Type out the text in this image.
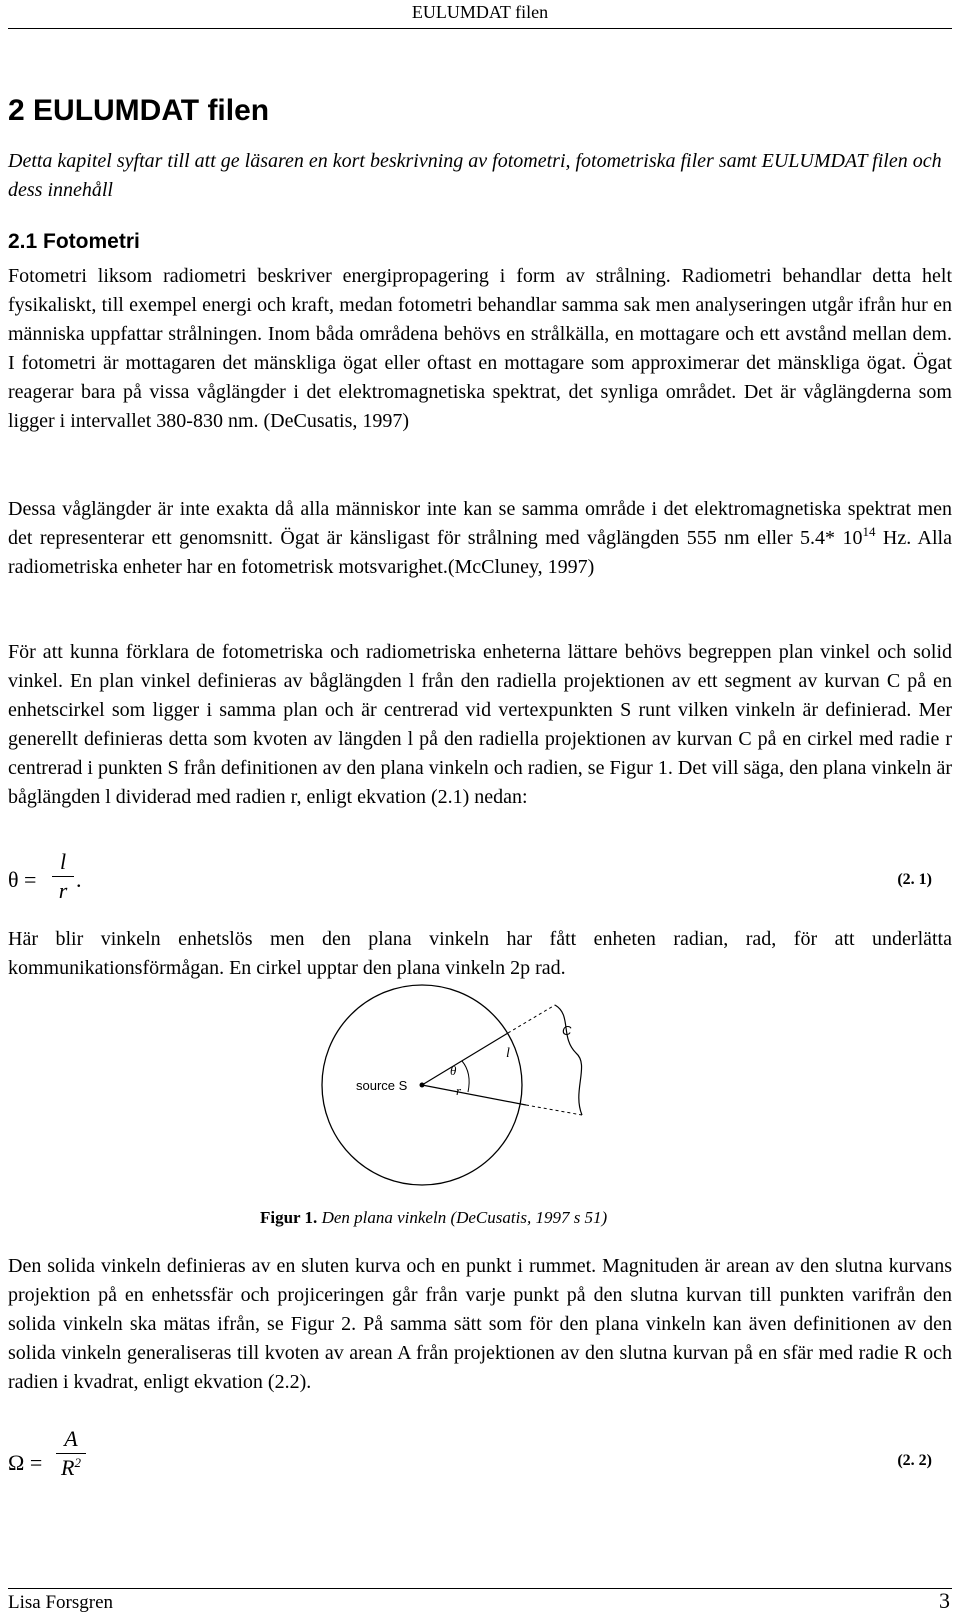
EULUMDAT filen
2 EULUMDAT filen

Detta kapitel syftar till att ge läsaren en kort beskrivning av fotometri, fotometriska filer samt EULUMDAT filen och dess innehåll

2.1 Fotometri

Fotometri liksom radiometri beskriver energipropagering i form av strålning. Radiometri behandlar detta helt fysikaliskt, till exempel energi och kraft, medan fotometri behandlar samma sak men analyseringen utgår ifrån hur en människa uppfattar strålningen. Inom båda områdena behövs en strålkälla, en mottagare och ett avstånd mellan dem. I fotometri är mottagaren det mänskliga ögat eller oftast en mottagare som approximerar det mänskliga ögat. Ögat reagerar bara på vissa våglängder i det elektromagnetiska spektrat, det synliga området. Det är våglängderna som ligger i intervallet 380-830 nm. (DeCusatis, 1997)

Dessa våglängder är inte exakta då alla människor inte kan se samma område i det elektromagnetiska spektrat men det representerar ett genomsnitt. Ögat är känsligast för strålning med våglängden 555 nm eller 5.4* $10^{14}$ Hz. Alla radiometriska enheter har en fotometrisk motsvarighet.(McCluney, 1997)

För att kunna förklara de fotometriska och radiometriska enheterna lättare behövs begreppen plan vinkel och solid vinkel. En plan vinkel definieras av båglängden l från den radiella projektionen av ett segment av kurvan C på en enhetscirkel som ligger i samma plan och är centrerad vid vertexpunkten S runt vilken vinkeln är definierad. Mer generellt definieras detta som kvoten av längden l på den radiella projektionen av kurvan C på en cirkel med radie r centrerad i punkten S från definitionen av den plana vinkeln och radien, se Figur 1. Det vill säga, den plana vinkeln är båglängden l dividerad med radien r, enligt ekvation (2.1) nedan:

θ =
l
r .	(2. 1)

Här blir vinkeln enhetslös men den plana vinkeln har fått enheten radian, rad, för att underlätta kommunikationsförmågan. En cirkel upptar den plana vinkeln 2p rad.

source S
θ
r
l
C
Figur 1. Den plana vinkeln (DeCusatis, 1997 s 51)

Den solida vinkeln definieras av en sluten kurva och en punkt i rummet. Magnituden är arean av den slutna kurvans projektion på en enhetssfär och projiceringen går från varje punkt på den slutna kurvan till punkten varifrån den solida vinkeln ska mätas ifrån, se Figur 2. På samma sätt som för den plana vinkeln kan även definitionen av den solida vinkeln generaliseras till kvoten av arean A från projektionen av den slutna kurvan på en sfär med radie R och radien i kvadrat, enligt ekvation (2.2).

Ω =
A
$R^2$	(2. 2)
Lisa Forsgren	3
